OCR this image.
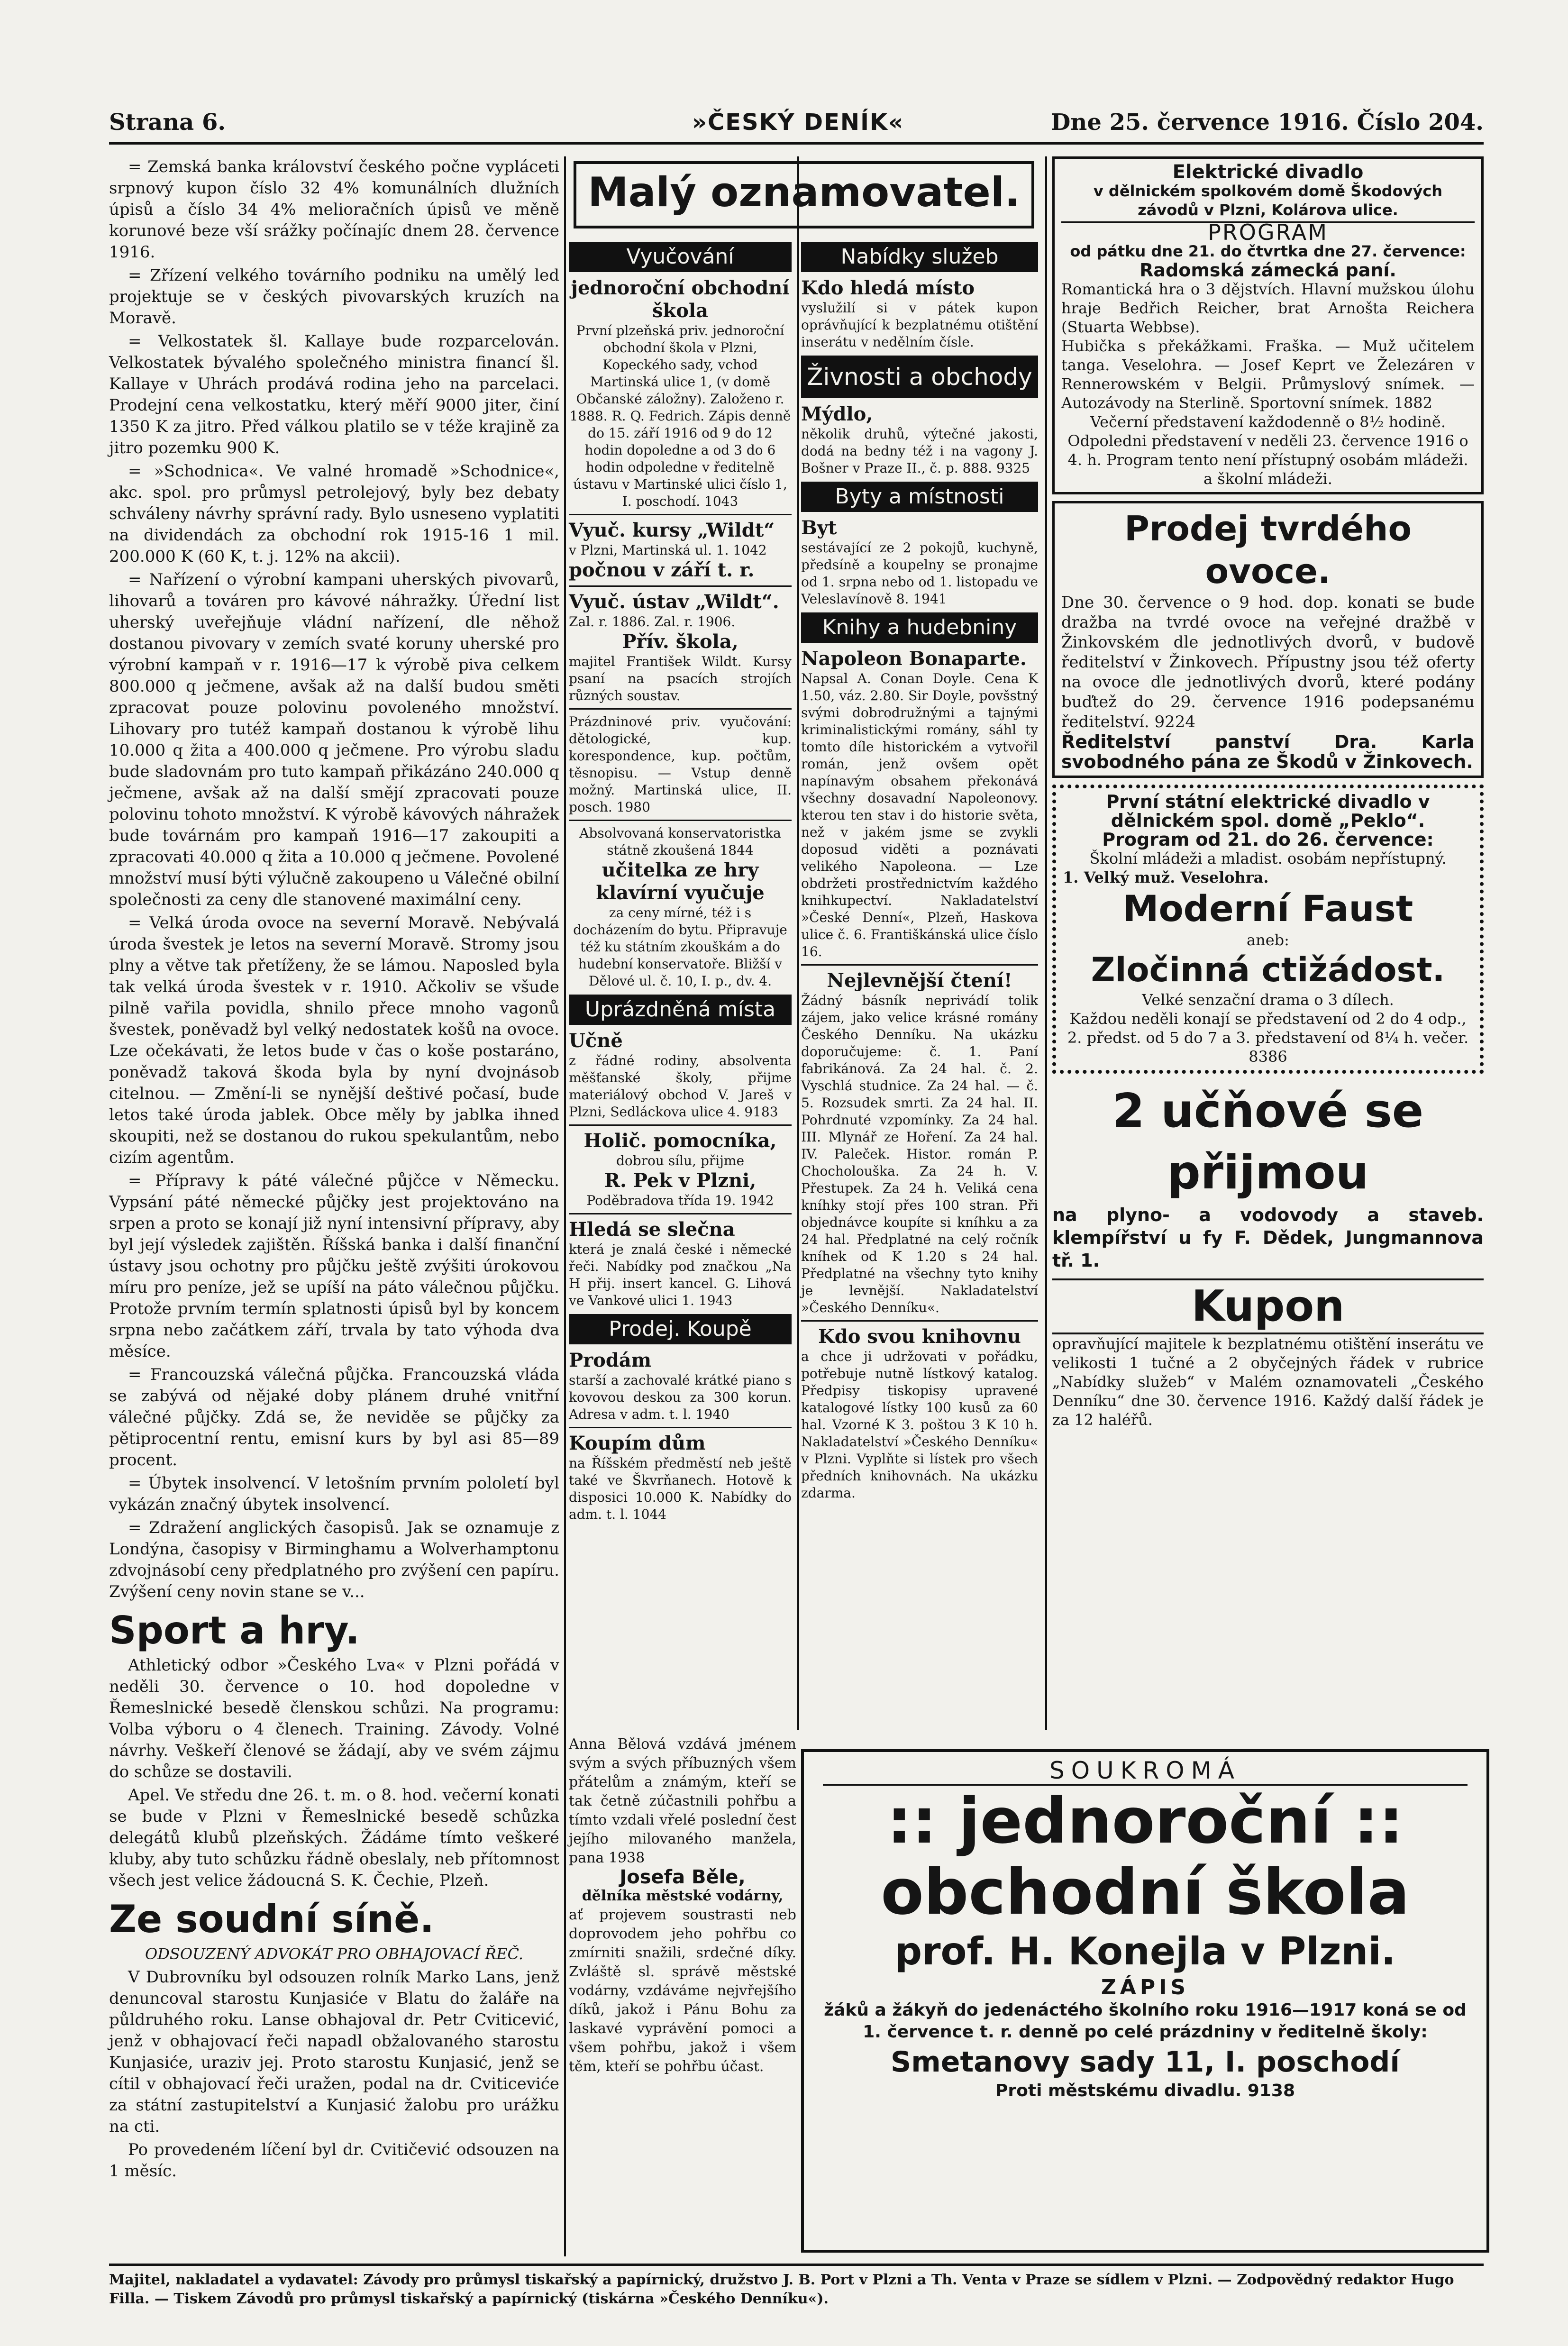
Strana 6.	»ČESKÝ DENÍK«	Dne 25. července 1916. Číslo 204.

= Zemská banka království českého počne vypláceti srpnový kupon číslo 32 4% komunálních dlužních úpisů a číslo 34 4% melioračních úpisů ve měně korunové beze vší srážky počínajíc dnem 28. července 1916.

= Zřízení velkého továrního podniku na umělý led projektuje se v českých pivovarských kruzích na Moravě.

= Velkostatek šl. Kallaye bude rozparcelován. Velkostatek bývalého společného ministra financí šl. Kallaye v Uhrách prodává rodina jeho na parcelaci. Prodejní cena velkostatku, který měří 9000 jiter, činí 1350 K za jitro. Před válkou platilo se v téže krajině za jitro pozemku 900 K.

= »Schodnica«. Ve valné hromadě »Schodnice«, akc. spol. pro průmysl petrolejový, byly bez debaty schváleny návrhy správní rady. Bylo usneseno vyplatiti na dividendách za obchodní rok 1915-16 1 mil. 200.000 K (60 K, t. j. 12% na akcii).

= Nařízení o výrobní kampani uherských pivovarů, lihovarů a továren pro kávové náhražky. Úřední list uherský uveřejňuje vládní nařízení, dle něhož dostanou pivovary v zemích svaté koruny uherské pro výrobní kampaň v r. 1916—17 k výrobě piva celkem 800.000 q ječmene, avšak až na další budou směti zpracovat pouze polovinu povoleného množství. Lihovary pro tutéž kampaň dostanou k výrobě lihu 10.000 q žita a 400.000 q ječmene. Pro výrobu sladu bude sladovnám pro tuto kampaň přikázáno 240.000 q ječmene, avšak až na další smějí zpracovati pouze polovinu tohoto množství. K výrobě kávových náhražek bude továrnám pro kampaň 1916—17 zakoupiti a zpracovati 40.000 q žita a 10.000 q ječmene. Povolené množství musí býti výlučně zakoupeno u Válečné obilní společnosti za ceny dle stanovené maximální ceny.

= Velká úroda ovoce na severní Moravě. Nebývalá úroda švestek je letos na severní Moravě. Stromy jsou plny a větve tak přetíženy, že se lámou. Naposled byla tak velká úroda švestek v r. 1910. Ačkoliv se všude pilně vařila povidla, shnilo přece mnoho vagonů švestek, poněvadž byl velký nedostatek košů na ovoce. Lze očekávati, že letos bude v čas o koše postaráno, poněvadž taková škoda byla by nyní dvojnásob citelnou. — Změní-li se nynější deštivé počasí, bude letos také úroda jablek. Obce měly by jablka ihned skoupiti, než se dostanou do rukou spekulantům, nebo cizím agentům.

= Přípravy k páté válečné půjčce v Německu. Vypsání páté německé půjčky jest projektováno na srpen a proto se konají již nyní intensivní přípravy, aby byl její výsledek zajištěn. Říšská banka i další finanční ústavy jsou ochotny pro půjčku ještě zvýšiti úrokovou míru pro peníze, jež se upíší na páto válečnou půjčku. Protože prvním termín splatnosti úpisů byl by koncem srpna nebo začátkem září, trvala by tato výhoda dva měsíce.

= Francouzská válečná půjčka. Francouzská vláda se zabývá od nějaké doby plánem druhé vnitřní válečné půjčky. Zdá se, že neviděe se půjčky za pětiprocentní rentu, emisní kurs by byl asi 85—89 procent.

= Úbytek insolvencí. V letošním prvním pololetí byl vykázán značný úbytek insolvencí.

= Zdražení anglických časopisů. Jak se oznamuje z Londýna, časopisy v Birminghamu a Wolverhamptonu zdvojnásobí ceny předplatného pro zvýšení cen papíru. Zvýšení ceny novin stane se v...

Sport a hry.

Athletický odbor »Českého Lva« v Plzni pořádá v neděli 30. července o 10. hod dopoledne v Řemeslnické besedě členskou schůzi. Na programu: Volba výboru o 4 členech. Training. Závody. Volné návrhy. Veškeří členové se žádají, aby ve svém zájmu do schůze se dostavili.

Apel. Ve středu dne 26. t. m. o 8. hod. večerní konati se bude v Plzni v Řemeslnické besedě schůzka delegátů klubů plzeňských. Žádáme tímto veškeré kluby, aby tuto schůzku řádně obeslaly, neb přítomnost všech jest velice žádoucná S. K. Čechie, Plzeň.

Ze soudní síně.
ODSOUZENÝ ADVOKÁT PRO OBHAJOVACÍ ŘEČ.

V Dubrovníku byl odsouzen rolník Marko Lans, jenž denuncoval starostu Kunjasiće v Blatu do žaláře na půldruhého roku. Lanse obhajoval dr. Petr Cviticević, jenž v obhajovací řeči napadl obžalovaného starostu Kunjasiće, uraziv jej. Proto starostu Kunjasić, jenž se cítil v obhajovací řeči uražen, podal na dr. Cviticeviće za státní zastupitelství a Kunjasić žalobu pro urážku na cti.

Po provedeném líčení byl dr. Cvitičević odsouzen na 1 měsíc.

Malý oznamovatel.
Vyučování
jednoroční obchodní škola
První plzeňská priv. jednoroční obchodní škola v Plzni, Kopeckého sady, vchod Martinská ulice 1, (v domě Občanské záložny). Založeno r. 1888. R. Q. Fedrich. Zápis denně do 15. září 1916 od 9 do 12 hodin dopoledne a od 3 do 6 hodin odpoledne v ředitelně ústavu v Martinské ulici číslo 1, I. poschodí. 1043
Vyuč. kursy „Wildt“
v Plzni, Martinská ul. 1. 1042
počnou v září t. r.
Vyuč. ústav „Wildt“.
Zal. r. 1886. Zal. r. 1906.
Přív. škola,
majitel František Wildt. Kursy psaní na psacích strojích různých soustav.
Prázdninové priv. vyučování: dětologické, kup. korespondence, kup. počtům, těsnopisu. — Vstup denně možný. Martinská ulice, II. posch. 1980
Absolvovaná konservatoristka státně zkoušená 1844
učitelka ze hry klavírní vyučuje
za ceny mírné, též i s docházením do bytu. Připravuje též ku státním zkouškám a do hudební konservatoře. Bližší v Dělové ul. č. 10, I. p., dv. 4.
Uprázdněná místa
Učně
z řádné rodiny, absolventa měšťanské školy, přijme materiálový obchod V. Jareš v Plzni, Sedláckova ulice 4. 9183
Holič. pomocníka,
dobrou sílu, přijme
R. Pek v Plzni,
Poděbradova třída 19. 1942
Hledá se slečna
která je znalá české i německé řeči. Nabídky pod značkou „Na H přij. insert kancel. G. Lihová ve Vankové ulici 1. 1943
Prodej. Koupě
Prodám
starší a zachovalé krátké piano s kovovou deskou za 300 korun. Adresa v adm. t. l. 1940
Koupím dům
na Říšském předměstí neb ještě také ve Škvrňanech. Hotově k disposici 10.000 K. Nabídky do adm. t. l. 1044
Nabídky služeb
Kdo hledá místo
vyslužilí si v pátek kupon oprávňující k bezplatnému otištění inserátu v nedělním čísle.
Živnosti a obchody
Mýdlo,
několik druhů, výtečné jakosti, dodá na bedny též i na vagony J. Bošner v Praze II., č. p. 888. 9325
Byty a místnosti
Byt
sestávající ze 2 pokojů, kuchyně, předsíně a koupelny se pronajme od 1. srpna nebo od 1. listopadu ve Veleslavínově 8. 1941
Knihy a hudebniny
Napoleon Bonaparte.
Napsal A. Conan Doyle. Cena K 1.50, váz. 2.80. Sir Doyle, povšstný svými dobrodružnými a tajnými kriminalistickými romány, sáhl ty tomto díle historickém a vytvořil román, jenž ovšem opět napínavým obsahem překonává všechny dosavadní Napoleonovy. kterou ten stav i do historie světa, než v jakém jsme se zvykli doposud viděti a poznávati velikého Napoleona. — Lze obdržeti prostřednictvím každého knihkupectví. Nakladatelství »České Denní«, Plzeň, Haskova ulice č. 6. Františkánská ulice číslo 16.
Nejlevnější čtení!
Žádný básník neprivádí tolik zájem, jako velice krásné romány Českého Denníku. Na ukázku doporučujeme: č. 1. Paní fabrikánová. Za 24 hal. č. 2. Vyschlá studnice. Za 24 hal. — č. 5. Rozsudek smrti. Za 24 hal. II. Pohrdnuté vzpomínky. Za 24 hal. III. Mlynář ze Hoření. Za 24 hal. IV. Paleček. Histor. román P. Chocholouška. Za 24 h. V. Přestupek. Za 24 h. Veliká cena kníhky stojí přes 100 stran. Při objednávce koupíte si kníhku a za 24 hal. Předplatné na celý ročník kníhek od K 1.20 s 24 hal. Předplatné na všechny tyto knihy je levnější. Nakladatelství »Českého Denníku«.
Kdo svou knihovnu
a chce ji udržovati v pořádku, potřebuje nutně lístkový katalog. Předpisy tiskopisy upravené katalogové lístky 100 kusů za 60 hal. Vzorné K 3. poštou 3 K 10 h. Nakladatelství »Českého Denníku« v Plzni. Vyplňte si lístek pro všech předních knihovnách. Na ukázku zdarma.
Elektrické divadlo
v dělnickém spolkovém domě Škodových závodů v Plzni, Kolárova ulice.
PROGRAM
od pátku dne 21. do čtvrtka dne 27. července:
Radomská zámecká paní.
Romantická hra o 3 dějstvích. Hlavní mužskou úlohu hraje Bedřich Reicher, brat Arnošta Reichera (Stuarta Webbse).
Hubička s překážkami. Fraška. — Muž učitelem tanga. Veselohra. — Josef Keprt ve Železáren v Rennerowském v Belgii. Průmyslový snímek. — Autozávody na Sterlině. Sportovní snímek. 1882
Večerní představení každodenně o 8½ hodině. Odpoledni představení v neděli 23. července 1916 o 4. h. Program tento není přístupný osobám mládeži. a školní mládeži.
Prodej tvrdého ovoce.
Dne 30. července o 9 hod. dop. konati se bude dražba na tvrdé ovoce na veřejné dražbě v Žinkovském dle jednotlivých dvorů, v budově ředitelství v Žinkovech. Přípustny jsou též oferty na ovoce dle jednotlivých dvorů, které podány buďtež do 29. července 1916 podepsanému ředitelství. 9224
Ředitelství panství Dra. Karla svobodného pána ze Škodů v Žinkovech.
První státní elektrické divadlo v dělnickém spol. domě „Peklo“.
Program od 21. do 26. července:
Školní mládeži a mladist. osobám nepřístupný.
1. Velký muž. Veselohra.
Moderní Faust
aneb:
Zločinná ctižádost.
Velké senzační drama o 3 dílech.
Každou neděli konají se představení od 2 do 4 odp., 2. předst. od 5 do 7 a 3. představení od 8¼ h. večer. 8386
2 učňové se přijmou
na plyno- a vodovody a staveb. klempířství u fy F. Dědek, Jungmannova tř. 1.
Kupon
opravňující majitele k bezplatnému otištění inserátu ve velikosti 1 tučné a 2 obyčejných řádek v rubrice „Nabídky služeb“ v Malém oznamovateli „Českého Denníku“ dne 30. července 1916. Každý další řádek je za 12 haléřů.
Anna Bělová vzdává jménem svým a svých příbuzných všem přátelům a známým, kteří se tak četně zúčastnili pohřbu a tímto vzdali vřelé poslední čest jejího milovaného manžela, pana 1938
Josefa Běle,
dělníka městské vodárny,
ať projevem soustrasti neb doprovodem jeho pohřbu co zmírniti snažili, srdečné díky. Zvláště sl. správě městské vodárny, vzdáváme nejvřejšího díků, jakož i Pánu Bohu za laskavé vyprávění pomoci a všem pohřbu, jakož i všem těm, kteří se pohřbu účast.
SOUKROMÁ
:: jednoroční ::
obchodní škola
prof. H. Konejla v Plzni.
ZÁPIS
žáků a žákyň do jedenáctého školního roku 1916—1917 koná se od 1. července t. r. denně po celé prázdniny v ředitelně školy:
Smetanovy sady 11, I. poschodí
Proti městskému divadlu. 9138
Majitel, nakladatel a vydavatel: Závody pro průmysl tiskařský a papírnický, družstvo J. B. Port v Plzni a Th. Venta v Praze se sídlem v Plzni. — Zodpovědný redaktor Hugo Filla. — Tiskem Závodů pro průmysl tiskařský a papírnický (tiskárna »Českého Denníku«).
